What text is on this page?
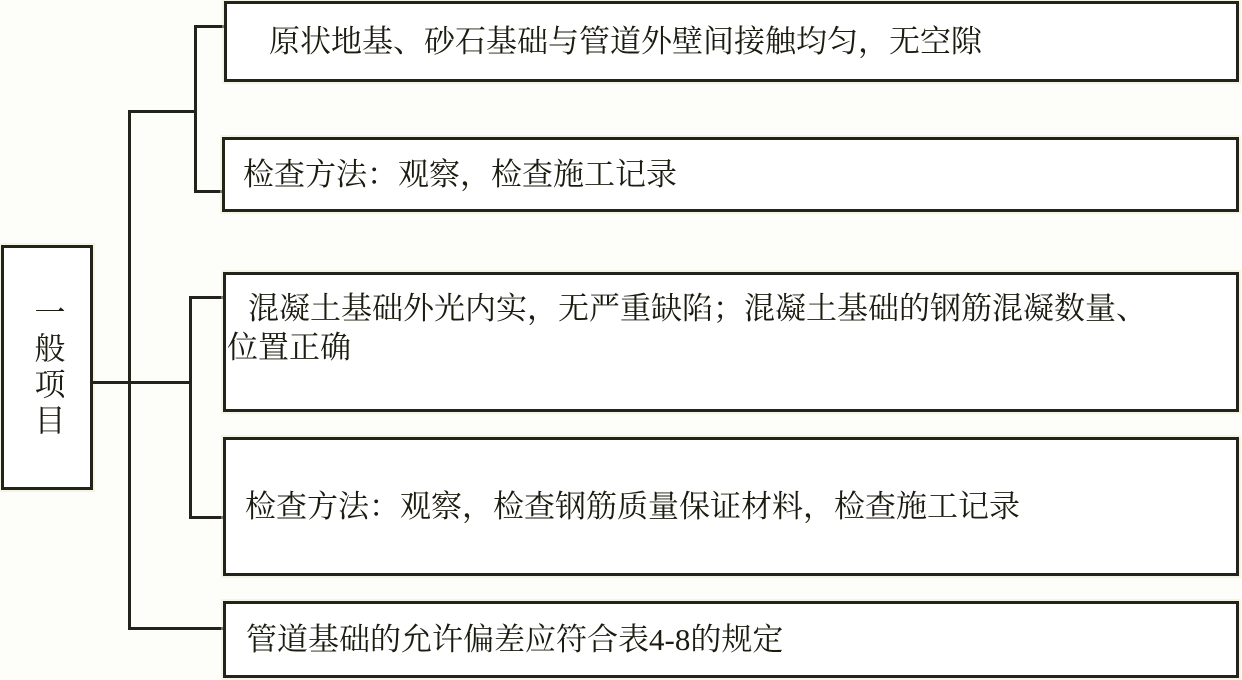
一般项目
原状地基、砂石基础与管道外壁间接触均匀，无空隙
检查方法：观察，检查施工记录
混凝土基础外光内实，无严重缺陷；混凝土基础的钢筋混凝数量、
位置正确
检查方法：观察，检查钢筋质量保证材料，检查施工记录
管道基础的允许偏差应符合表4-8的规定
